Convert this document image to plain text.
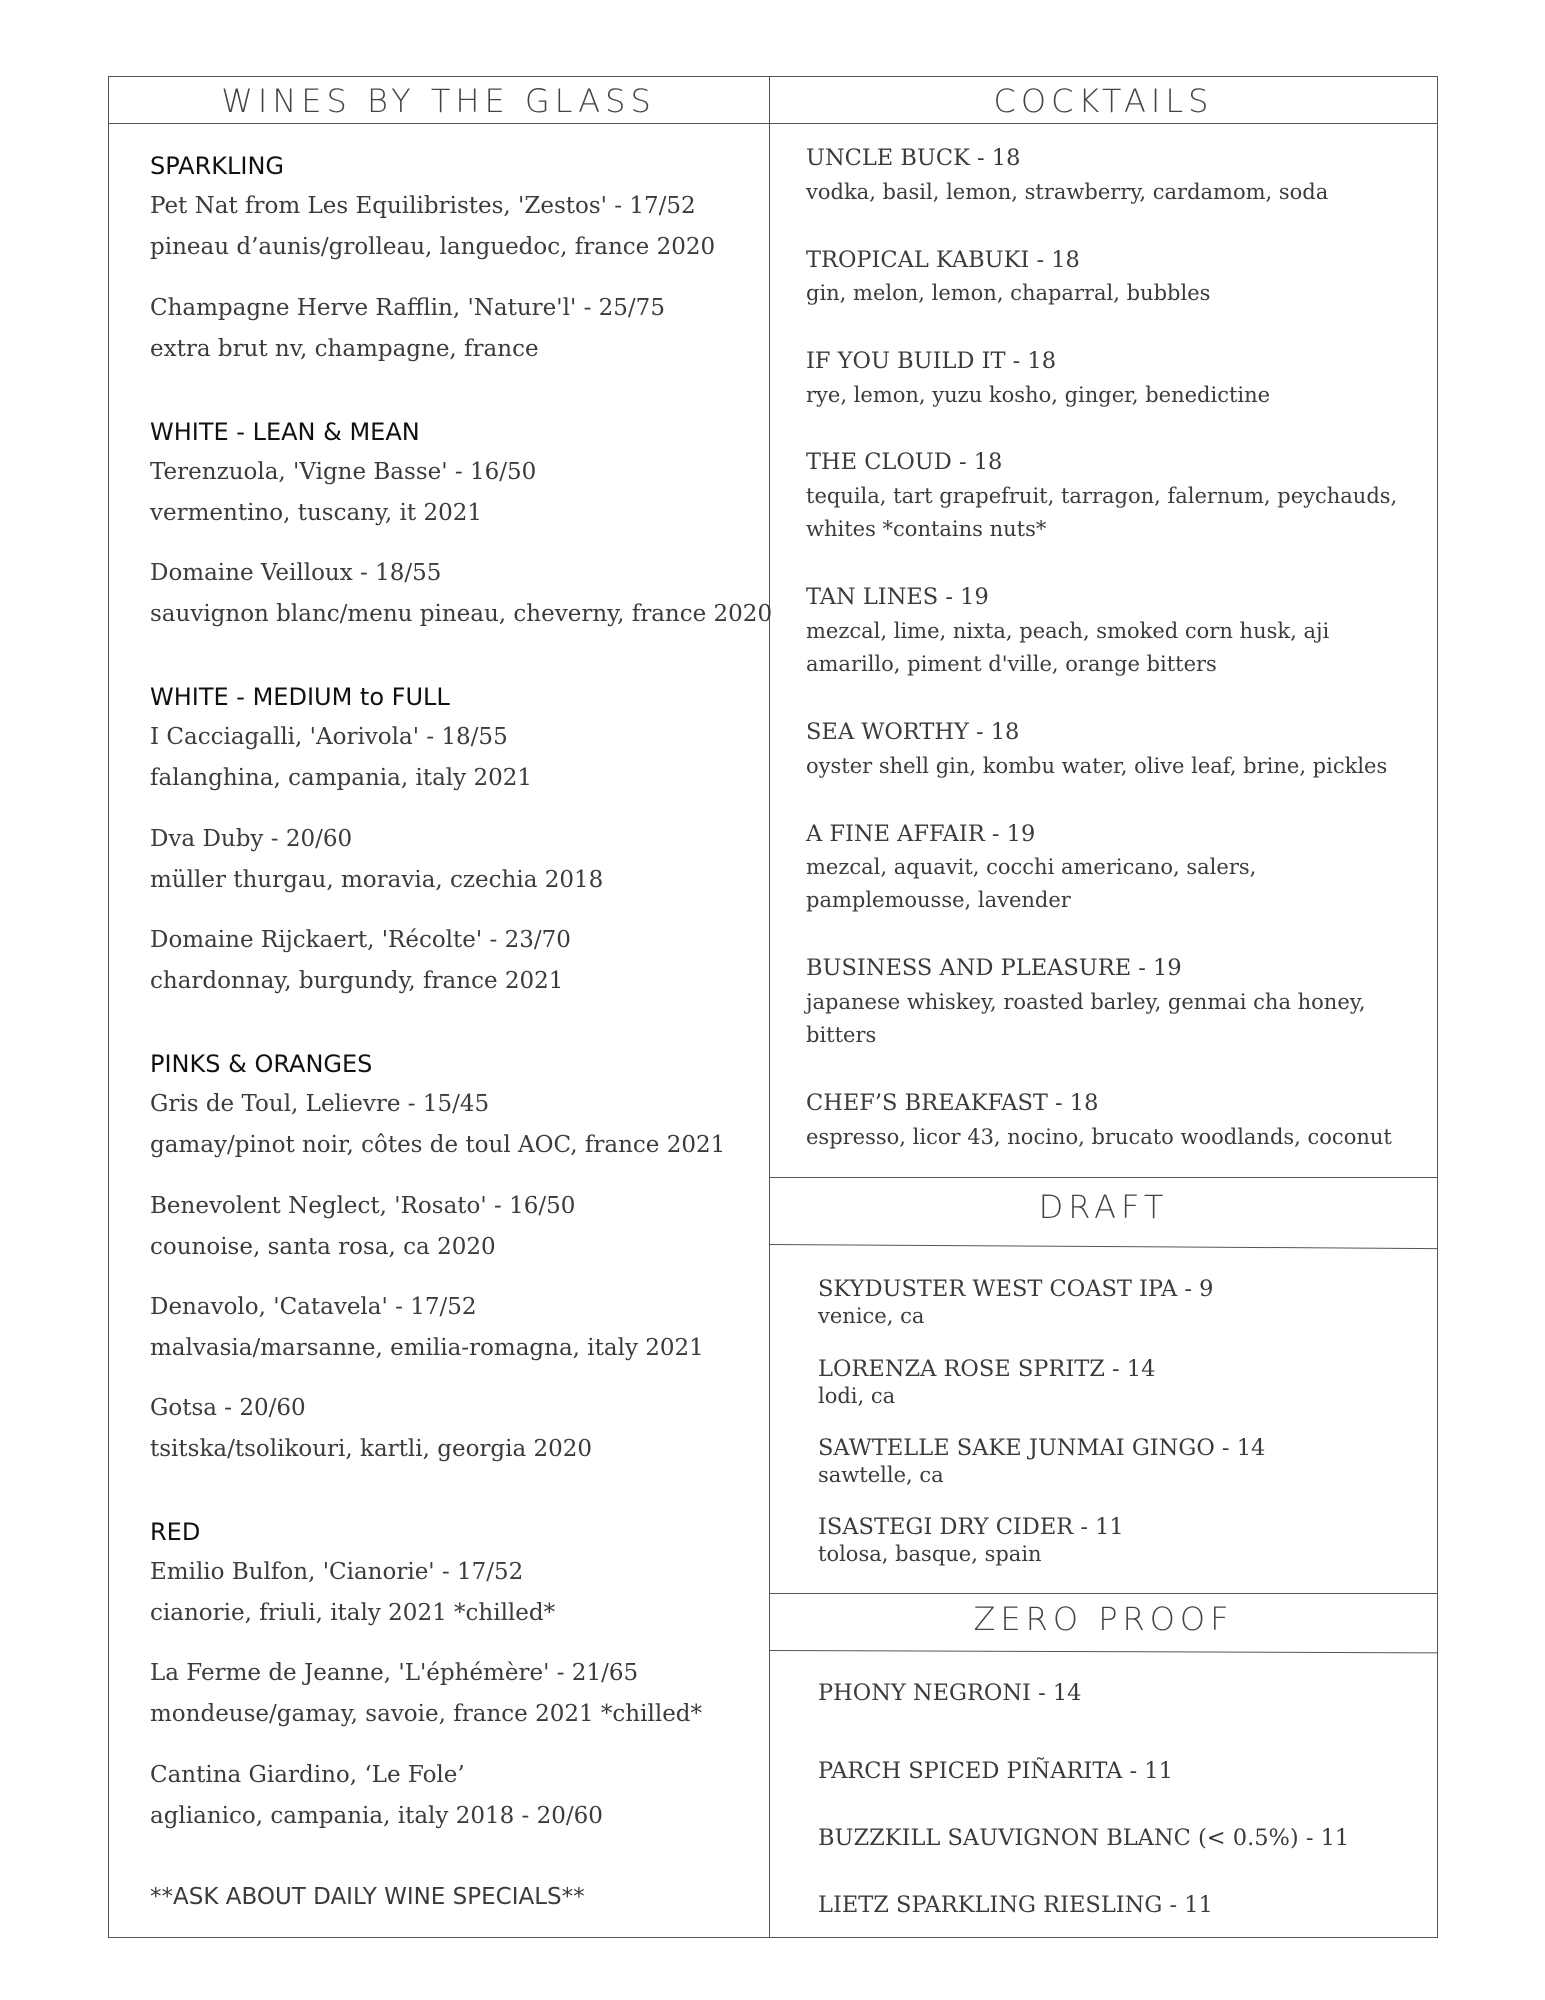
WINES BY THE GLASS	COCKTAILS
DRAFT
ZERO PROOF
SPARKLING
Pet Nat from Les Equilibristes, 'Zestos' - 17/52
pineau d’aunis/grolleau, languedoc, france 2020
Champagne Herve Rafflin, 'Nature'l' - 25/75
extra brut nv, champagne, france
WHITE - LEAN & MEAN
Terenzuola, 'Vigne Basse' - 16/50
vermentino, tuscany, it 2021
Domaine Veilloux - 18/55
sauvignon blanc/menu pineau, cheverny, france 2020
WHITE - MEDIUM to FULL
I Cacciagalli, 'Aorivola' - 18/55
falanghina, campania, italy 2021
Dva Duby - 20/60
müller thurgau, moravia, czechia 2018
Domaine Rijckaert, 'Récolte' - 23/70
chardonnay, burgundy, france 2021
PINKS & ORANGES
Gris de Toul, Lelievre - 15/45
gamay/pinot noir, côtes de toul AOC, france 2021
Benevolent Neglect, 'Rosato' - 16/50
counoise, santa rosa, ca 2020
Denavolo, 'Catavela' - 17/52
malvasia/marsanne, emilia-romagna, italy 2021
Gotsa - 20/60
tsitska/tsolikouri, kartli, georgia 2020
RED
Emilio Bulfon, 'Cianorie' - 17/52
cianorie, friuli, italy 2021 *chilled*
La Ferme de Jeanne, 'L'éphémère' - 21/65
mondeuse/gamay, savoie, france 2021 *chilled*
Cantina Giardino, ‘Le Fole’
aglianico, campania, italy 2018 - 20/60
**ASK ABOUT DAILY WINE SPECIALS**
UNCLE BUCK - 18
vodka, basil, lemon, strawberry, cardamom, soda
TROPICAL KABUKI - 18
gin, melon, lemon, chaparral, bubbles
IF YOU BUILD IT - 18
rye, lemon, yuzu kosho, ginger, benedictine
THE CLOUD - 18
tequila, tart grapefruit, tarragon, falernum, peychauds,
whites *contains nuts*
TAN LINES - 19
mezcal, lime, nixta, peach, smoked corn husk, aji
amarillo, piment d'ville, orange bitters
SEA WORTHY - 18
oyster shell gin, kombu water, olive leaf, brine, pickles
A FINE AFFAIR - 19
mezcal, aquavit, cocchi americano, salers,
pamplemousse, lavender
BUSINESS AND PLEASURE - 19
japanese whiskey, roasted barley, genmai cha honey,
bitters
CHEF’S BREAKFAST - 18
espresso, licor 43, nocino, brucato woodlands, coconut
SKYDUSTER WEST COAST IPA - 9
venice, ca
LORENZA ROSE SPRITZ - 14
lodi, ca
SAWTELLE SAKE JUNMAI GINGO - 14
sawtelle, ca
ISASTEGI DRY CIDER - 11
tolosa, basque, spain
PHONY NEGRONI - 14
PARCH SPICED PIÑARITA - 11
BUZZKILL SAUVIGNON BLANC (< 0.5%) - 11
LIETZ SPARKLING RIESLING - 11
